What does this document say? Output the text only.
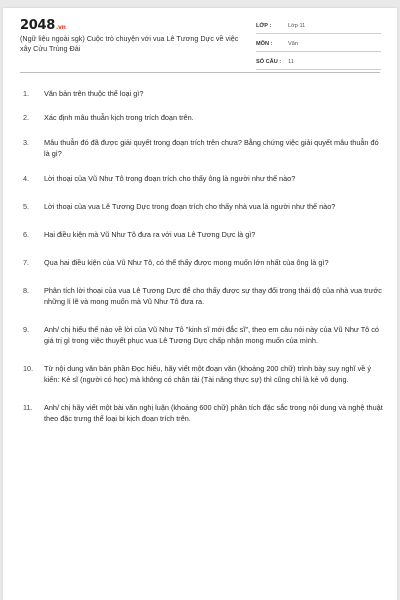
2048.vn
(Ngữ liệu ngoài sgk) Cuộc trò chuyện với vua Lê Tương Dực về việc xây Cửu Trùng Đài
LỚP :	Lớp 11
MÔN :	Văn
SỐ CÂU :	11
1.	Văn bản trên thuộc thể loại gì?
2.	Xác định mâu thuẫn kịch trong trích đoạn trên.
3.	Mâu thuẫn đó đã được giải quyết trong đoạn trích trên chưa? Bằng chứng việc giải quyết mâu thuẫn đó là gì?
4.	Lời thoại của Vũ Như Tô trong đoạn trích cho thấy ông là người như thế nào?
5.	Lời thoại của vua Lê Tương Dực trong đoạn trích cho thấy nhà vua là người như thế nào?
6.	Hai điều kiện mà Vũ Như Tô đưa ra với vua Lê Tương Dực là gì?
7.	Qua hai điều kiện của Vũ Như Tô, có thể thấy được mong muốn lớn nhất của ông là gì?
8.	Phân tích lời thoại của vua Lê Tương Dực để cho thấy được sự thay đổi trong thái độ của nhà vua trước những lí lẽ và mong muốn mà Vũ Như Tô đưa ra.
9.	Anh/ chị hiểu thế nào về lời của Vũ Như Tô "kinh sĩ mới đắc sĩ", theo em câu nói này của Vũ Như Tô có giá trị gì trong việc thuyết phục vua Lê Tương Dực chấp nhận mong muốn của mình.
10.	Từ nội dung văn bản phần Đọc hiểu, hãy viết một đoạn văn (khoảng 200 chữ) trình bày suy nghĩ về ý kiến: Kẻ sĩ (người có học) mà không có chân tài (Tài năng thực sự) thì cũng chỉ là kẻ vô dụng.
11.	Anh/ chị hãy viết một bài văn nghị luận (khoảng 600 chữ) phân tích đặc sắc trong nội dung và nghệ thuật theo đặc trưng thể loại bi kịch đoạn trích trên.
